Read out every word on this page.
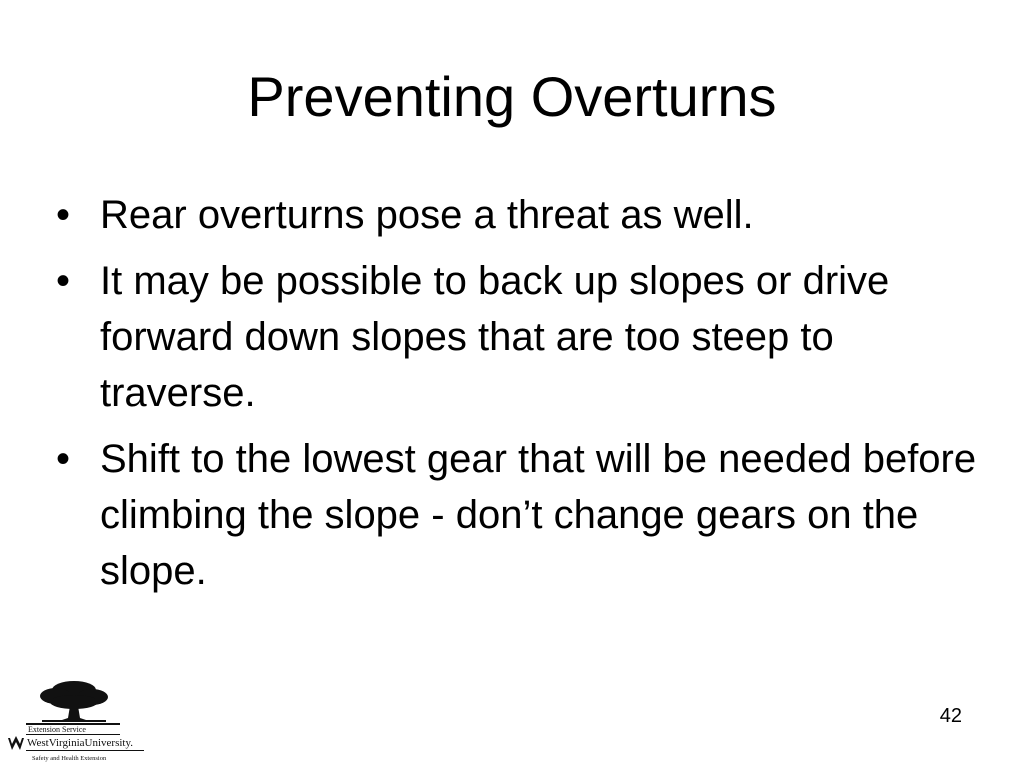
Preventing Overturns
• Rear overturns pose a threat as well.
• It may be possible to back up slopes or drive forward down slopes that are too steep to traverse.
• Shift to the lowest gear that will be needed before climbing the slope - don’t change gears on the slope.
Extension Service
WestVirginiaUniversity.
Safety and Health Extension
42
